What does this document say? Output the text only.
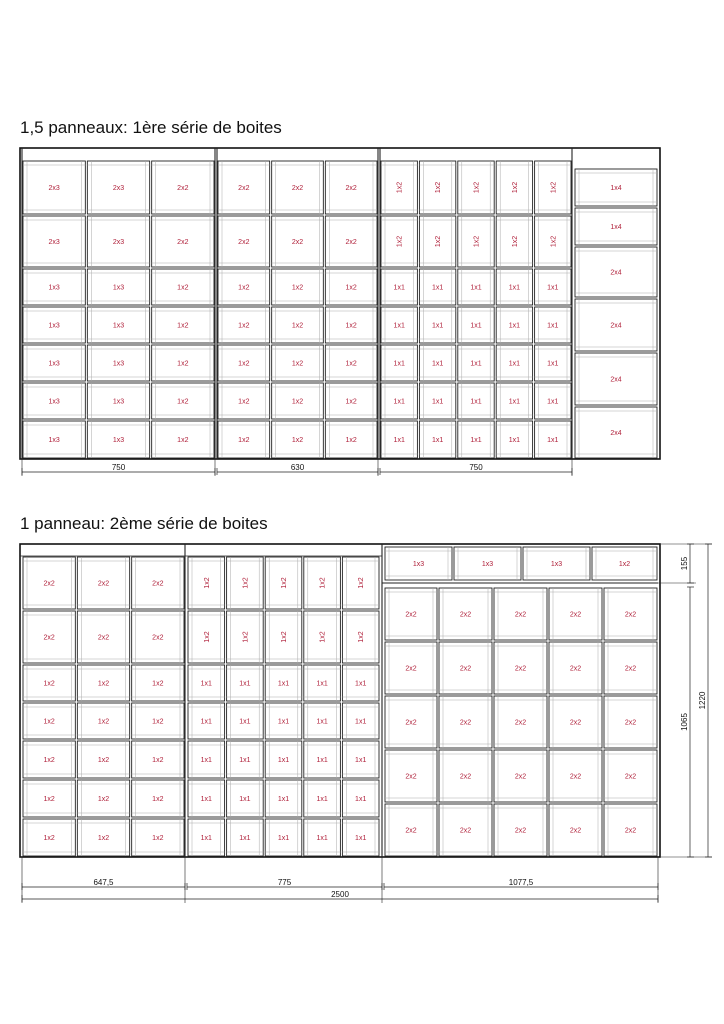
1,5 panneaux: 1ère série de boites
1 panneau: 2ème série de boites
2x3	2x3	2x2
2x3	2x3	2x2
1x3	1x3	1x2
1x3	1x3	1x2
1x3	1x3	1x2
1x3	1x3	1x2
1x3	1x3	1x2
2x2	2x2	2x2
2x2	2x2	2x2
1x2	1x2	1x2
1x2	1x2	1x2
1x2	1x2	1x2
1x2	1x2	1x2
1x2	1x2	1x2
1x2	1x2	1x2	1x2	1x2
1x2	1x2	1x2	1x2	1x2
1x1	1x1	1x1	1x1	1x1
1x1	1x1	1x1	1x1	1x1
1x1	1x1	1x1	1x1	1x1
1x1	1x1	1x1	1x1	1x1
1x1	1x1	1x1	1x1	1x1
1x4
1x4
2x4
2x4
2x4
2x4
750	630	750
2x2	2x2	2x2
2x2	2x2	2x2
1x2	1x2	1x2
1x2	1x2	1x2
1x2	1x2	1x2
1x2	1x2	1x2
1x2	1x2	1x2
1x2	1x2	1x2	1x2	1x2
1x2	1x2	1x2	1x2	1x2
1x1	1x1	1x1	1x1	1x1
1x1	1x1	1x1	1x1	1x1
1x1	1x1	1x1	1x1	1x1
1x1	1x1	1x1	1x1	1x1
1x1	1x1	1x1	1x1	1x1
1x3	1x3	1x3	1x2
2x2	2x2	2x2	2x2	2x2
2x2	2x2	2x2	2x2	2x2
2x2	2x2	2x2	2x2	2x2
2x2	2x2	2x2	2x2	2x2
2x2	2x2	2x2	2x2	2x2
647,5	775	1077,5
2500
155
1065
1220
